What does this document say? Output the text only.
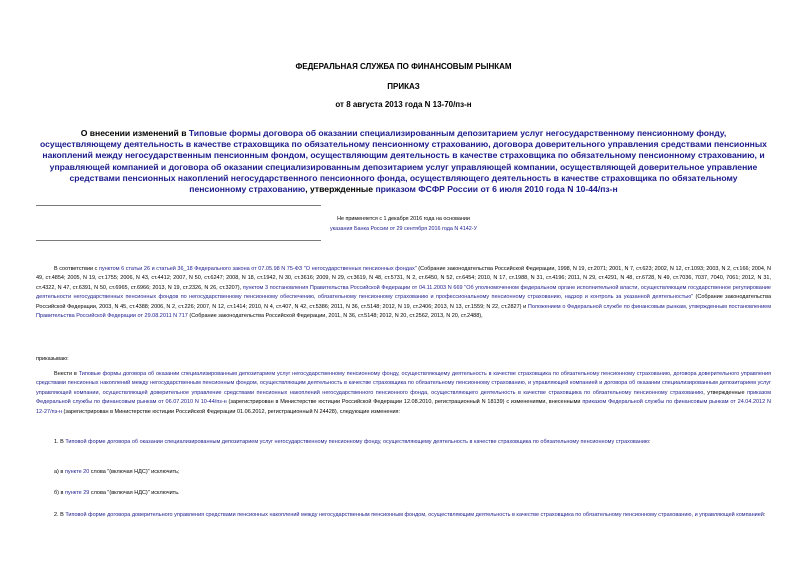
ФЕДЕРАЛЬНАЯ СЛУЖБА ПО ФИНАНСОВЫМ РЫНКАМ
ПРИКАЗ
от 8 августа 2013 года N 13-70/пз-н
О внесении изменений в Типовые формы договора об оказании специализированным депозитарием услуг негосударственному пенсионному фонду, осуществляющему деятельность в качестве страховщика по обязательному пенсионному страхованию, договора доверительного управления средствами пенсионных накоплений между негосударственным пенсионным фондом, осуществляющим деятельность в качестве страховщика по обязательному пенсионному страхованию, и управляющей компанией и договора об оказании специализированным депозитарием услуг управляющей компании, осуществляющей доверительное управление средствами пенсионных накоплений негосударственного пенсионного фонда, осуществляющего деятельность в качестве страховщика по обязательному пенсионному страхованию, утвержденные приказом ФСФР России от 6 июля 2010 года N 10-44/пз-н
Не применяется с 1 декабря 2016 года на основании
указания Банка России от 29 сентября 2016 года N 4142-У
В соответствии с пунктом 6 статьи 26 и статьей 36_18 Федерального закона от 07.05.98 N 75-ФЗ "О негосударственных пенсионных фондах" (Собрание законодательства Российской Федерации, 1998, N 19, ст.2071; 2001, N 7, ст.623; 2002, N 12, ст.1093; 2003, N 2, ст.166; 2004, N 49, ст.4854; 2005, N 19, ст.1755; 2006, N 43, ст.4412; 2007, N 50, ст.6247; 2008, N 18, ст.1942, N 30, ст.3616; 2009, N 29, ст.3619, N 48, ст.5731, N 2, ст.6450, N 52, ст.6454; 2010, N 17, ст.1988, N 31, ст.4196; 2011, N 29, ст.4291, N 48, ст.6728, N 49, ст.7036, 7037, 7040, 7061; 2012, N 31, ст.4322, N 47, ст.6391, N 50, ст.6965, ст.6966; 2013, N 19, ст.2326, N 26, ст.3207), пунктом 3 постановления Правительства Российской Федерации от 04.11.2003 N 669 "Об уполномоченном федеральном органе исполнительной власти, осуществляющем государственное регулирование деятельности негосударственных пенсионных фондов по негосударственному пенсионному обеспечению, обязательному пенсионному страхованию и профессиональному пенсионному страхованию, надзор и контроль за указанной деятельностью" (Собрание законодательства Российской Федерации, 2003, N 45, ст.4388; 2006, N 2, ст.226; 2007, N 12, ст.1414; 2010, N 4, ст.407, N 42, ст.5386; 2011, N 36, ст.5148; 2012, N 19, ст.2406; 2013, N 13, ст.1559; N 22, ст.2827) и Положением о Федеральной службе по финансовым рынкам, утвержденным постановлением Правительства Российской Федерации от 29.08.2011 N 717 (Собрание законодательства Российской Федерации, 2011, N 36, ст.5148; 2012, N 20, ст.2562, 2013, N 20, ст.2488),
приказываю:
Внести в Типовые формы договора об оказании специализированным депозитарием услуг негосударственному пенсионному фонду, осуществляющему деятельность в качестве страховщика по обязательному пенсионному страхованию, договора доверительного управления средствами пенсионных накоплений между негосударственным пенсионным фондом, осуществляющим деятельность в качестве страховщика по обязательному пенсионному страхованию, и управляющей компанией и договора об оказании специализированным депозитарием услуг управляющей компании, осуществляющей доверительное управление средствами пенсионных накоплений негосударственного пенсионного фонда, осуществляющего деятельность в качестве страховщика по обязательному пенсионному страхованию, утвержденные приказом Федеральной службы по финансовым рынкам от 06.07.2010 N 10-44/пз-н (зарегистрирован в Министерстве юстиции Российской Федерации 12.08.2010, регистрационный N 18139) с изменениями, внесенными приказом Федеральной службы по финансовым рынкам от 24.04.2012 N 12-27/пз-н (зарегистрирован в Министерстве юстиции Российской Федерации 01.06.2012, регистрационный N 24428), следующие изменения:
1. В Типовой форме договора об оказании специализированным депозитарием услуг негосударственному пенсионному фонду, осуществляющему деятельность в качестве страховщика по обязательному пенсионному страхованию:
а) в пункте 20 слова "(включая НДС)" исключить;
б) в пункте 29 слова "(включая НДС)" исключить.
2. В Типовой форме договора доверительного управления средствами пенсионных накоплений между негосударственным пенсионным фондом, осуществляющим деятельность в качестве страховщика по обязательному пенсионному страхованию, и управляющей компанией:
